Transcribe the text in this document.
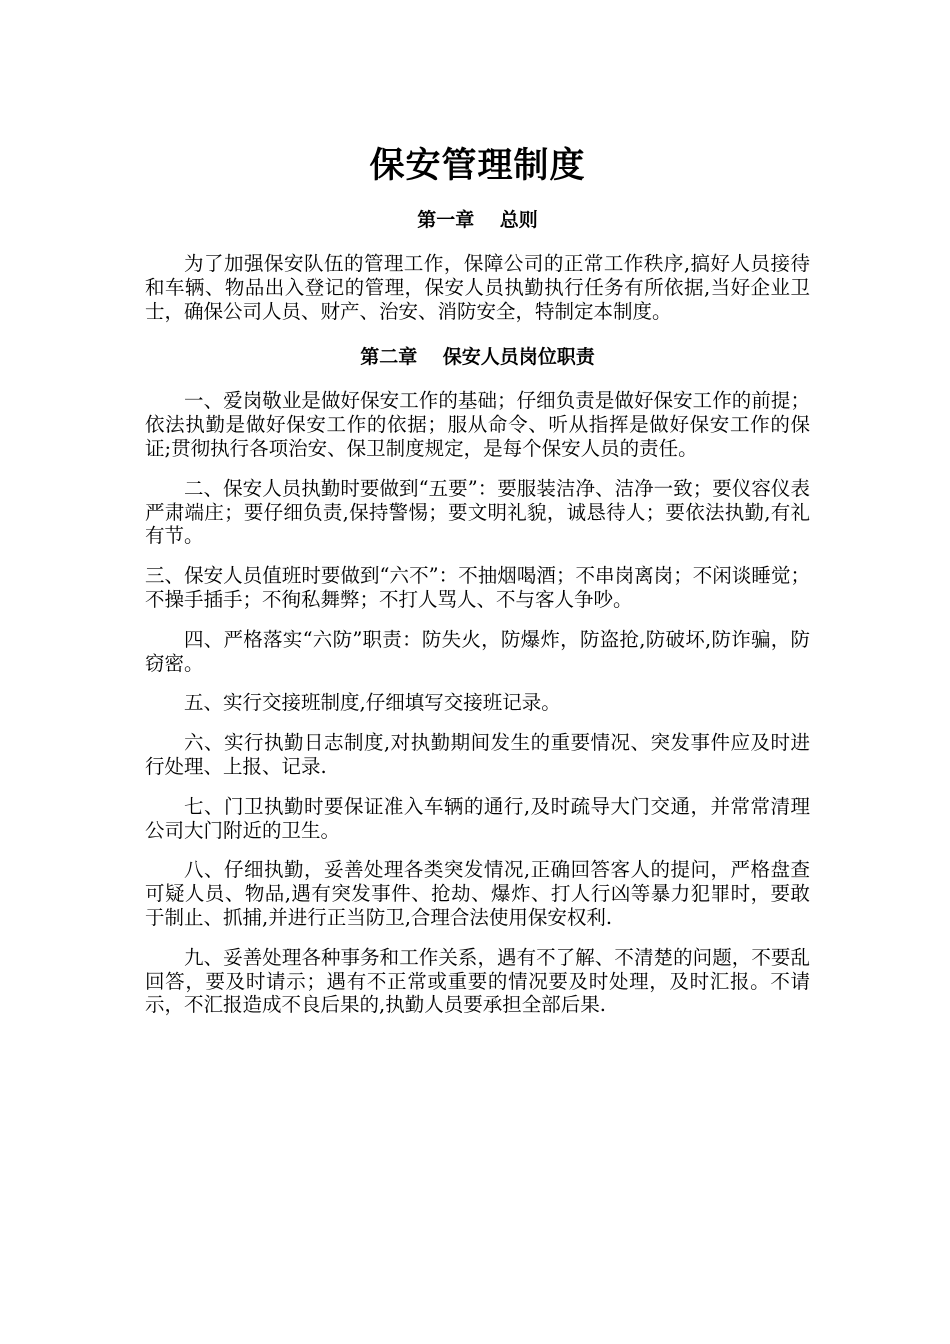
保安管理制度
第一章　 总则

为了加强保安队伍的管理工作，保障公司的正常工作秩序,搞好人员接待和车辆、物品出入登记的管理，保安人员执勤执行任务有所依据,当好企业卫士，确保公司人员、财产、治安、消防安全，特制定本制度。

第二章　 保安人员岗位职责

一、爱岗敬业是做好保安工作的基础；仔细负责是做好保安工作的前提；依法执勤是做好保安工作的依据；服从命令、听从指挥是做好保安工作的保证;贯彻执行各项治安、保卫制度规定，是每个保安人员的责任。

二、保安人员执勤时要做到“五要”：要服装洁净、洁净一致；要仪容仪表严肃端庄；要仔细负责,保持警惕；要文明礼貌，诚恳待人；要依法执勤,有礼有节。

三、保安人员值班时要做到“六不”：不抽烟喝酒；不串岗离岗；不闲谈睡觉；不操手插手；不徇私舞弊；不打人骂人、不与客人争吵。

四、严格落实“六防”职责：防失火，防爆炸，防盗抢,防破坏,防诈骗，防窃密。

五、实行交接班制度,仔细填写交接班记录。

六、实行执勤日志制度,对执勤期间发生的重要情况、突发事件应及时进行处理、上报、记录.

七、门卫执勤时要保证准入车辆的通行,及时疏导大门交通，并常常清理公司大门附近的卫生。

八、仔细执勤，妥善处理各类突发情况,正确回答客人的提问，严格盘查可疑人员、物品,遇有突发事件、抢劫、爆炸、打人行凶等暴力犯罪时，要敢于制止、抓捕,并进行正当防卫,合理合法使用保安权利.

九、妥善处理各种事务和工作关系，遇有不了解、不清楚的问题，不要乱回答，要及时请示；遇有不正常或重要的情况要及时处理，及时汇报。不请示，不汇报造成不良后果的,执勤人员要承担全部后果.
